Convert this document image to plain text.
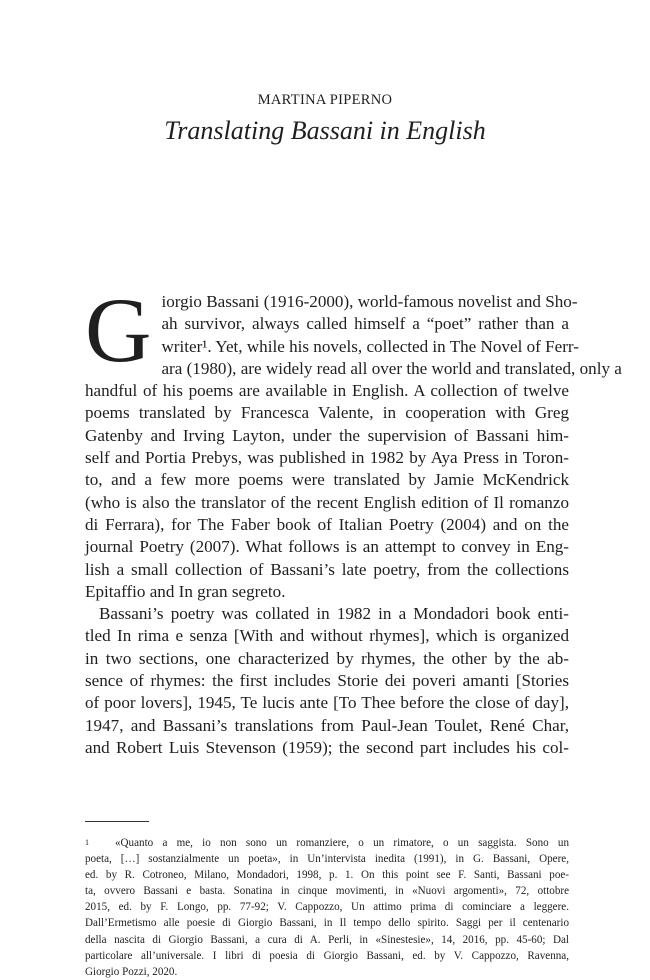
MARTINA PIPERNO
Translating Bassani in English
G iorgio Bassani (1916-2000), world-famous novelist and Sho-
ah survivor, always called himself a “poet” rather than a
writer¹. Yet, while his novels, collected in The Novel of Ferr-
ara (1980), are widely read all over the world and translated, only a
handful of his poems are available in English. A collection of twelve
poems translated by Francesca Valente, in cooperation with Greg
Gatenby and Irving Layton, under the supervision of Bassani him-
self and Portia Prebys, was published in 1982 by Aya Press in Toron-
to, and a few more poems were translated by Jamie McKendrick
(who is also the translator of the recent English edition of Il romanzo
di Ferrara), for The Faber book of Italian Poetry (2004) and on the
journal Poetry (2007). What follows is an attempt to convey in Eng-
lish a small collection of Bassani’s late poetry, from the collections
Epitaffio and In gran segreto.
Bassani’s poetry was collated in 1982 in a Mondadori book enti-
tled In rima e senza [With and without rhymes], which is organized
in two sections, one characterized by rhymes, the other by the ab-
sence of rhymes: the first includes Storie dei poveri amanti [Stories
of poor lovers], 1945, Te lucis ante [To Thee before the close of day],
1947, and Bassani’s translations from Paul-Jean Toulet, René Char,
and Robert Luis Stevenson (1959); the second part includes his col-
1 «Quanto a me, io non sono un romanziere, o un rimatore, o un saggista. Sono un
poeta, […] sostanzialmente un poeta», in Un’intervista inedita (1991), in G. Bassani, Opere,
ed. by R. Cotroneo, Milano, Mondadori, 1998, p. 1. On this point see F. Santi, Bassani poe-
ta, ovvero Bassani e basta. Sonatina in cinque movimenti, in «Nuovi argomenti», 72, ottobre
2015, ed. by F. Longo, pp. 77-92; V. Cappozzo, Un attimo prima di cominciare a leggere.
Dall’Ermetismo alle poesie di Giorgio Bassani, in Il tempo dello spirito. Saggi per il centenario
della nascita di Giorgio Bassani, a cura di A. Perli, in «Sinestesie», 14, 2016, pp. 45-60; Dal
particolare all’universale. I libri di poesia di Giorgio Bassani, ed. by V. Cappozzo, Ravenna,
Giorgio Pozzi, 2020.
